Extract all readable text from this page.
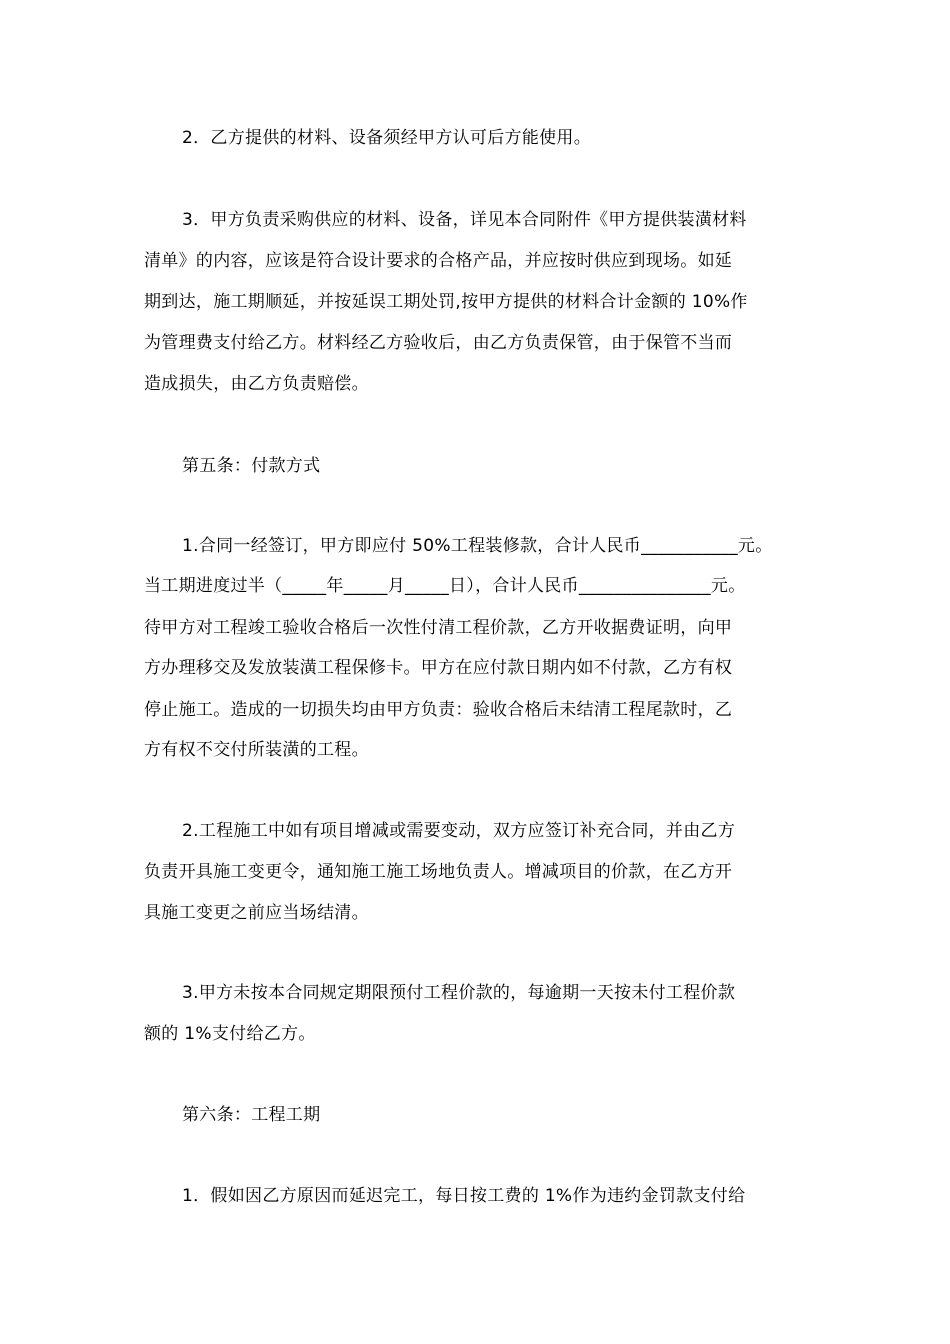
2．乙方提供的材料、设备须经甲方认可后方能使用。
3．甲方负责采购供应的材料、设备，详见本合同附件《甲方提供装潢材料
清单》的内容，应该是符合设计要求的合格产品，并应按时供应到现场。如延
期到达，施工期顺延，并按延误工期处罚,按甲方提供的材料合计金额的 10%作
为管理费支付给乙方。材料经乙方验收后，由乙方负责保管，由于保管不当而
造成损失，由乙方负责赔偿。
第五条：付款方式
1.合同一经签订，甲方即应付 50%工程装修款，合计人民币___________元。
当工期进度过半（_____年_____月_____日），合计人民币_______________元。
待甲方对工程竣工验收合格后一次性付清工程价款，乙方开收据费证明，向甲
方办理移交及发放装潢工程保修卡。甲方在应付款日期内如不付款，乙方有权
停止施工。造成的一切损失均由甲方负责：验收合格后未结清工程尾款时，乙
方有权不交付所装潢的工程。
2.工程施工中如有项目增减或需要变动，双方应签订补充合同，并由乙方
负责开具施工变更令，通知施工施工场地负责人。增减项目的价款，在乙方开
具施工变更之前应当场结清。
3.甲方未按本合同规定期限预付工程价款的，每逾期一天按未付工程价款
额的 1%支付给乙方。
第六条：工程工期
1．假如因乙方原因而延迟完工，每日按工费的 1%作为违约金罚款支付给
